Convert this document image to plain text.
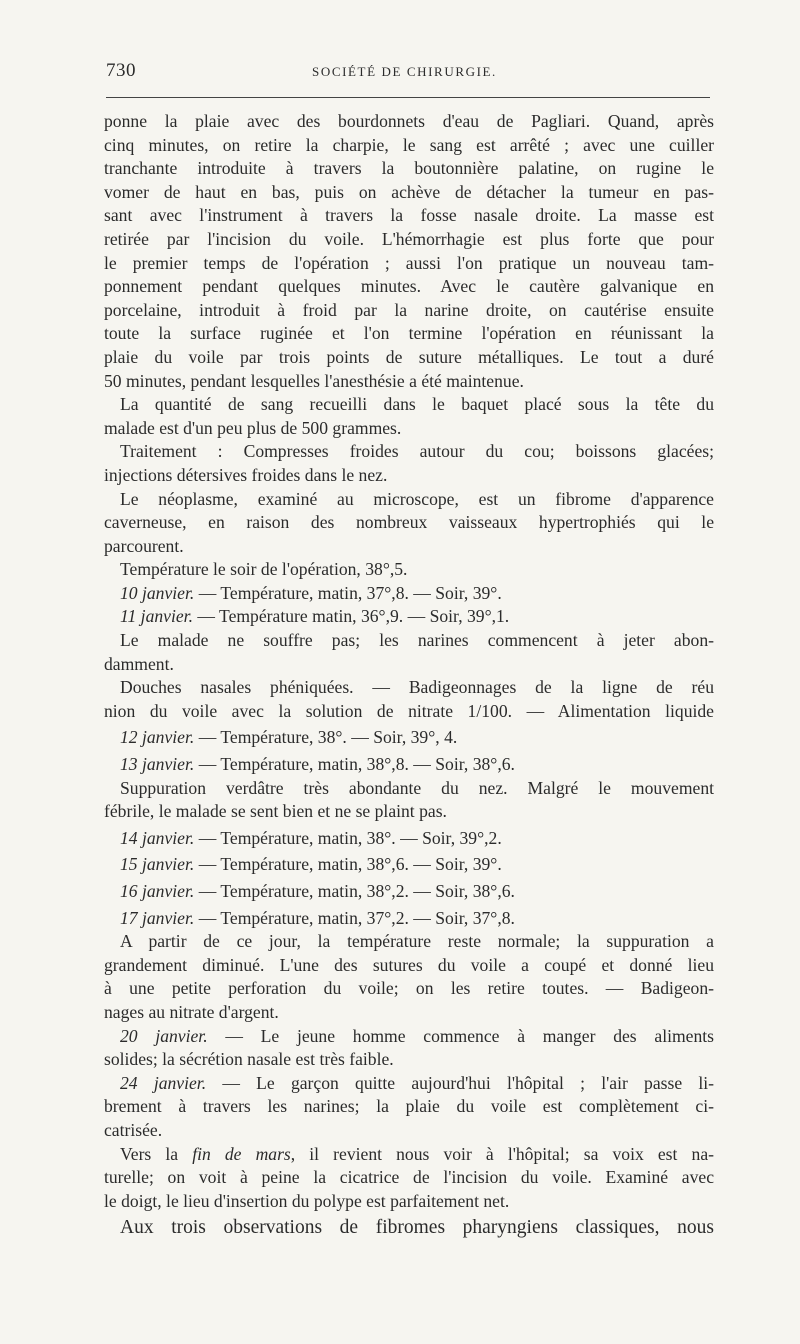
730	SOCIÉTÉ DE CHIRURGIE.
ponne la plaie avec des bourdonnets d'eau de Pagliari. Quand, après
cinq minutes, on retire la charpie, le sang est arrêté ; avec une cuiller
tranchante introduite à travers la boutonnière palatine, on rugine le
vomer de haut en bas, puis on achève de détacher la tumeur en pas-
sant avec l'instrument à travers la fosse nasale droite. La masse est
retirée par l'incision du voile. L'hémorrhagie est plus forte que pour
le premier temps de l'opération ; aussi l'on pratique un nouveau tam-
ponnement pendant quelques minutes. Avec le cautère galvanique en
porcelaine, introduit à froid par la narine droite, on cautérise ensuite
toute la surface ruginée et l'on termine l'opération en réunissant la
plaie du voile par trois points de suture métalliques. Le tout a duré
50 minutes, pendant lesquelles l'anesthésie a été maintenue.
La quantité de sang recueilli dans le baquet placé sous la tête du
malade est d'un peu plus de 500 grammes.
Traitement : Compresses froides autour du cou; boissons glacées;
injections détersives froides dans le nez.
Le néoplasme, examiné au microscope, est un fibrome d'apparence
caverneuse, en raison des nombreux vaisseaux hypertrophiés qui le
parcourent.
Température le soir de l'opération, 38°,5.
10 janvier. — Température, matin, 37°,8. — Soir, 39°.
11 janvier. — Température matin, 36°,9. — Soir, 39°,1.
Le malade ne souffre pas; les narines commencent à jeter abon-
damment.
Douches nasales phéniquées. — Badigeonnages de la ligne de réu
nion du voile avec la solution de nitrate 1/100. — Alimentation liquide
12 janvier. — Température, 38°. — Soir, 39°, 4.
13 janvier. — Température, matin, 38°,8. — Soir, 38°,6.
Suppuration verdâtre très abondante du nez. Malgré le mouvement
fébrile, le malade se sent bien et ne se plaint pas.
14 janvier. — Température, matin, 38°. — Soir, 39°,2.
15 janvier. — Température, matin, 38°,6. — Soir, 39°.
16 janvier. — Température, matin, 38°,2. — Soir, 38°,6.
17 janvier. — Température, matin, 37°,2. — Soir, 37°,8.
A partir de ce jour, la température reste normale; la suppuration a
grandement diminué. L'une des sutures du voile a coupé et donné lieu
à une petite perforation du voile; on les retire toutes. — Badigeon-
nages au nitrate d'argent.
20 janvier. — Le jeune homme commence à manger des aliments
solides; la sécrétion nasale est très faible.
24 janvier. — Le garçon quitte aujourd'hui l'hôpital ; l'air passe li-
brement à travers les narines; la plaie du voile est complètement ci-
catrisée.
Vers la fin de mars, il revient nous voir à l'hôpital; sa voix est na-
turelle; on voit à peine la cicatrice de l'incision du voile. Examiné avec
le doigt, le lieu d'insertion du polype est parfaitement net.
Aux trois observations de fibromes pharyngiens classiques, nous
